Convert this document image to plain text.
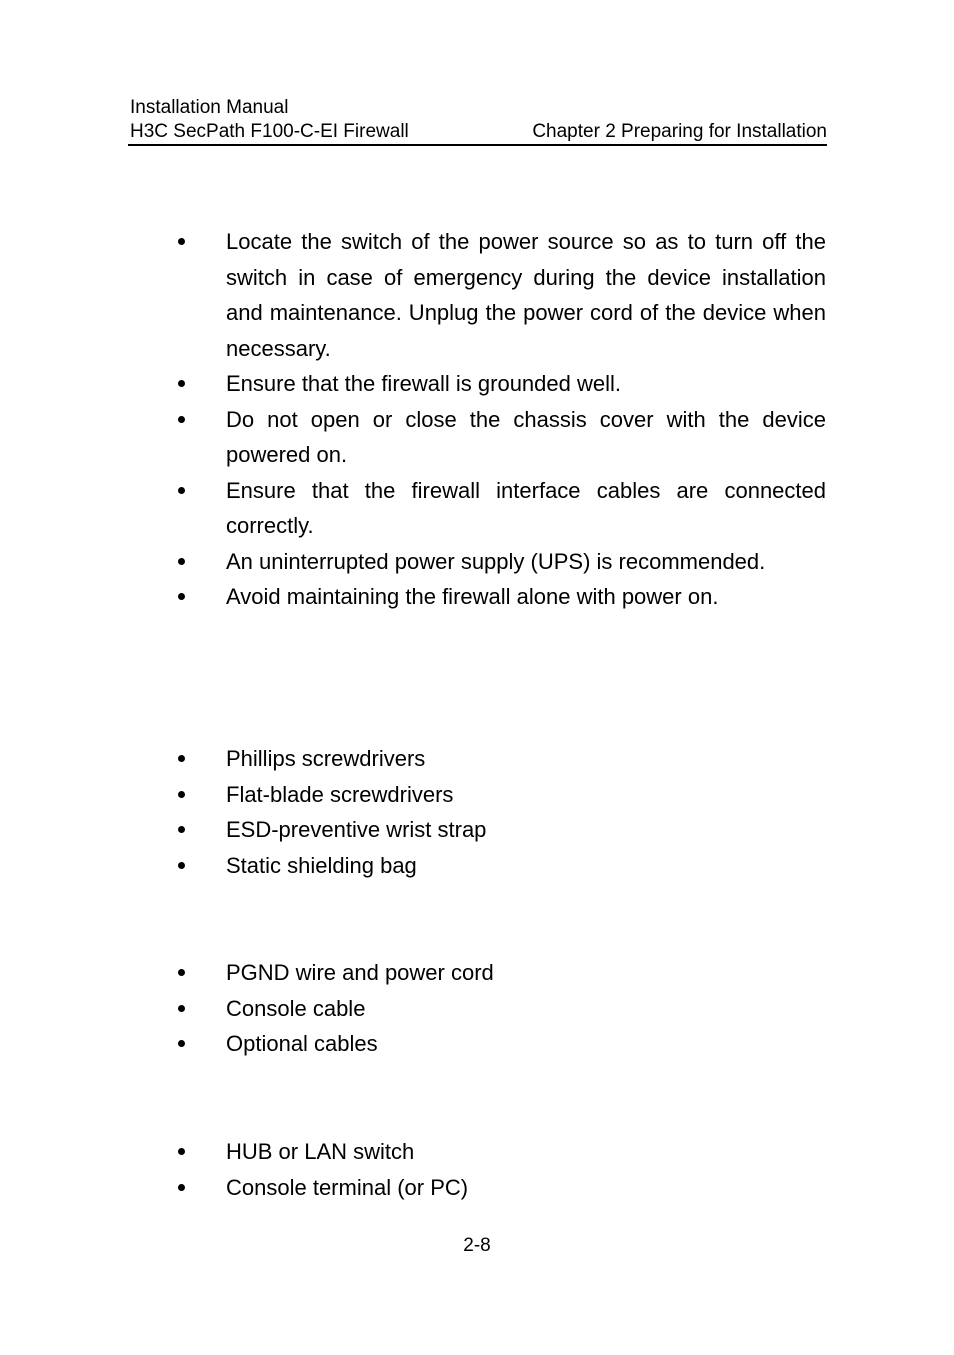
Installation Manual
H3C SecPath F100-C-EI Firewall	Chapter 2 Preparing for Installation
Locate the switch of the power source so as to turn off the switch in case of emergency during the device installation and maintenance. Unplug the power cord of the device when necessary.
Ensure that the firewall is grounded well.
Do not open or close the chassis cover with the device powered on.
Ensure that the firewall interface cables are connected correctly.
An uninterrupted power supply (UPS) is recommended.
Avoid maintaining the firewall alone with power on.
Phillips screwdrivers
Flat-blade screwdrivers
ESD-preventive wrist strap
Static shielding bag
PGND wire and power cord
Console cable
Optional cables
HUB or LAN switch
Console terminal (or PC)
2-8
